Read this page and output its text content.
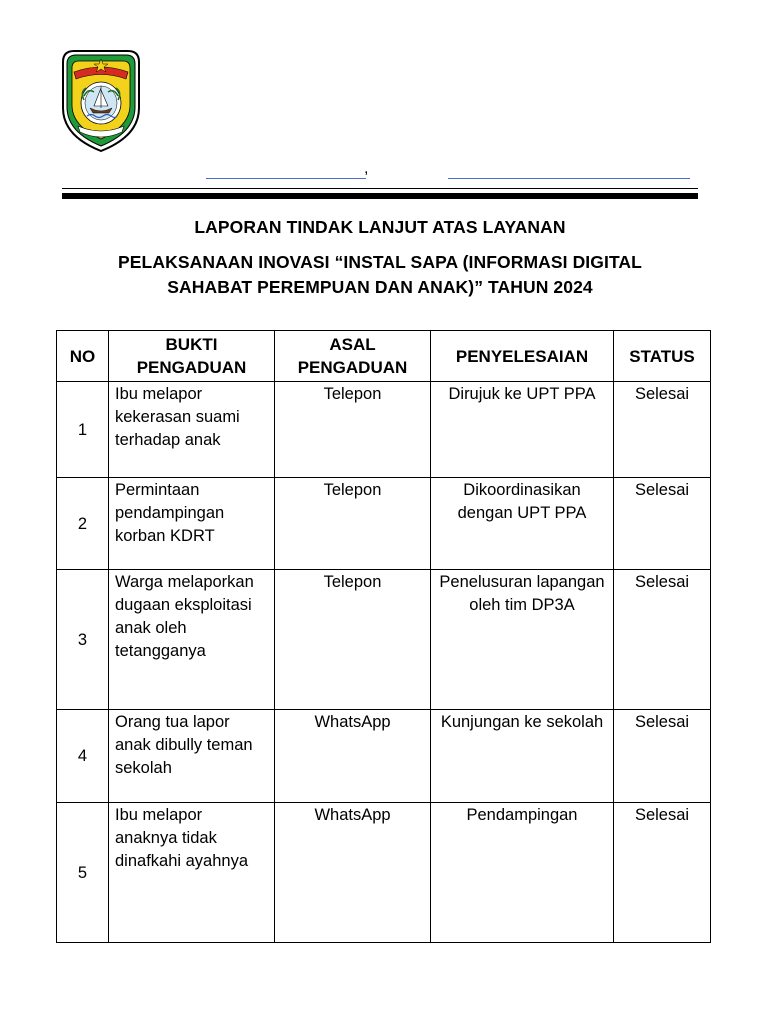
,
LAPORAN TINDAK LANJUT ATAS LAYANAN
PELAKSANAAN INOVASI “INSTAL SAPA (INFORMASI DIGITAL
SAHABAT PEREMPUAN DAN ANAK)” TAHUN 2024
NO	BUKTI PENGADUAN	ASAL PENGADUAN	PENYELESAIAN	STATUS
1	Ibu melapor kekerasan suami terhadap anak	Telepon	Dirujuk ke UPT PPA	Selesai
2	Permintaan pendampingan korban KDRT	Telepon	Dikoordinasikan dengan UPT PPA	Selesai
3	Warga melaporkan dugaan eksploitasi anak oleh tetangganya	Telepon	Penelusuran lapangan oleh tim DP3A	Selesai
4	Orang tua lapor anak dibully teman sekolah	WhatsApp	Kunjungan ke sekolah	Selesai
5	Ibu melapor anaknya tidak dinafkahi ayahnya	WhatsApp	Pendampingan	Selesai
